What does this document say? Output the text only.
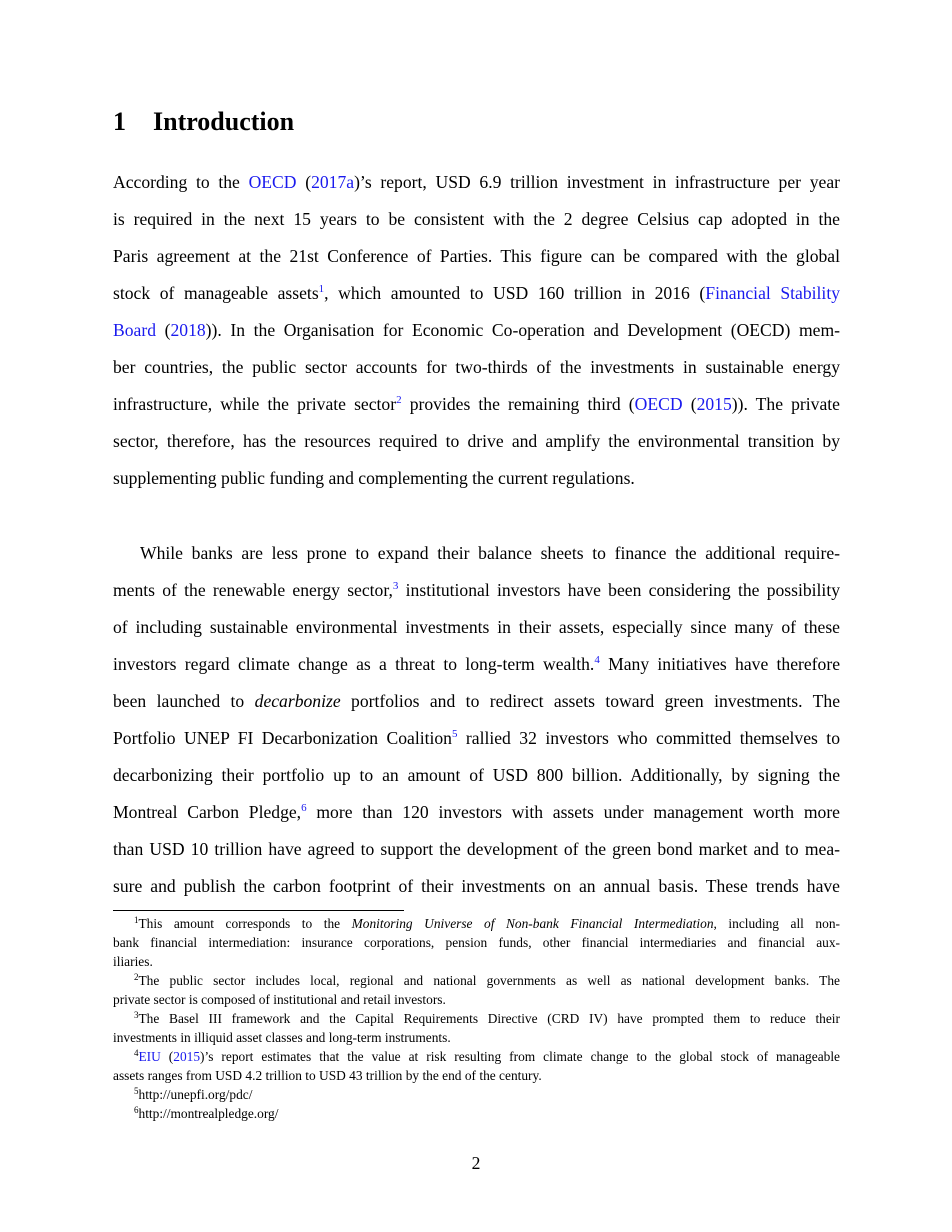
1 Introduction
According to the OECD (2017a)’s report, USD 6.9 trillion investment in infrastructure per year
is required in the next 15 years to be consistent with the 2 degree Celsius cap adopted in the
Paris agreement at the 21st Conference of Parties. This figure can be compared with the global
stock of manageable assets$^1$, which amounted to USD 160 trillion in 2016 (Financial Stability
Board (2018)). In the Organisation for Economic Co-operation and Development (OECD) mem-
ber countries, the public sector accounts for two-thirds of the investments in sustainable energy
infrastructure, while the private sector$^2$ provides the remaining third (OECD (2015)). The private
sector, therefore, has the resources required to drive and amplify the environmental transition by
supplementing public funding and complementing the current regulations.
While banks are less prone to expand their balance sheets to finance the additional require-
ments of the renewable energy sector,$^3$ institutional investors have been considering the possibility
of including sustainable environmental investments in their assets, especially since many of these
investors regard climate change as a threat to long-term wealth.$^4$ Many initiatives have therefore
been launched to decarbonize portfolios and to redirect assets toward green investments. The
Portfolio UNEP FI Decarbonization Coalition$^5$ rallied 32 investors who committed themselves to
decarbonizing their portfolio up to an amount of USD 800 billion. Additionally, by signing the
Montreal Carbon Pledge,$^6$ more than 120 investors with assets under management worth more
than USD 10 trillion have agreed to support the development of the green bond market and to mea-
sure and publish the carbon footprint of their investments on an annual basis. These trends have
$^1$This amount corresponds to the Monitoring Universe of Non-bank Financial Intermediation, including all non-
bank financial intermediation: insurance corporations, pension funds, other financial intermediaries and financial aux-
iliaries.
$^2$The public sector includes local, regional and national governments as well as national development banks. The
private sector is composed of institutional and retail investors.
$^3$The Basel III framework and the Capital Requirements Directive (CRD IV) have prompted them to reduce their
investments in illiquid asset classes and long-term instruments.
$^4$EIU (2015)’s report estimates that the value at risk resulting from climate change to the global stock of manageable
assets ranges from USD 4.2 trillion to USD 43 trillion by the end of the century.
$^5$http://unepfi.org/pdc/
$^6$http://montrealpledge.org/
2
